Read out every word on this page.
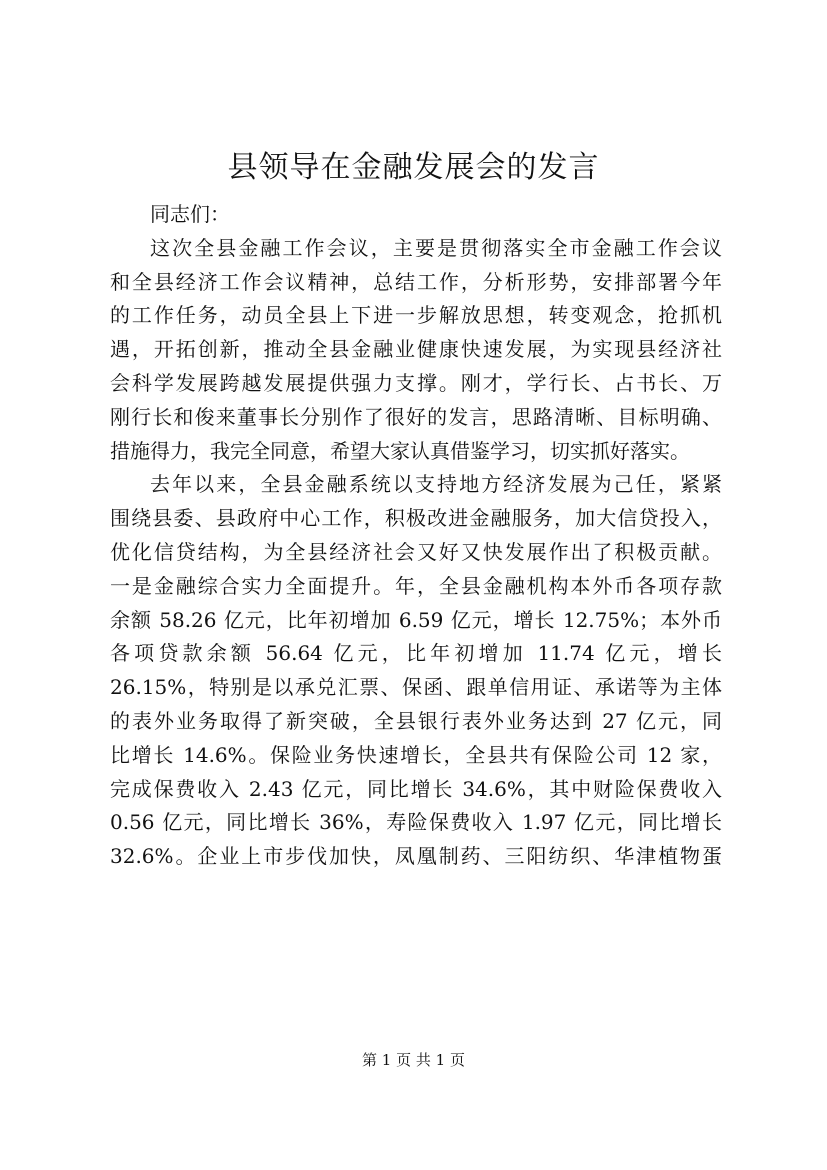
县领导在金融发展会的发言
同志们：
这次全县金融工作会议，主要是贯彻落实全市金融工作会议
和全县经济工作会议精神，总结工作，分析形势，安排部署今年
的工作任务，动员全县上下进一步解放思想，转变观念，抢抓机
遇，开拓创新，推动全县金融业健康快速发展，为实现县经济社
会科学发展跨越发展提供强力支撑。刚才，学行长、占书长、万
刚行长和俊来董事长分别作了很好的发言，思路清晰、目标明确、
措施得力，我完全同意，希望大家认真借鉴学习，切实抓好落实。
去年以来，全县金融系统以支持地方经济发展为己任，紧紧
围绕县委、县政府中心工作，积极改进金融服务，加大信贷投入，
优化信贷结构，为全县经济社会又好又快发展作出了积极贡献。
一是金融综合实力全面提升。年，全县金融机构本外币各项存款
余额 58.26 亿元，比年初增加 6.59 亿元，增长 12.75%；本外币
各项贷款余额 56.64 亿元，比年初增加 11.74 亿元，增长
26.15%，特别是以承兑汇票、保函、跟单信用证、承诺等为主体
的表外业务取得了新突破，全县银行表外业务达到 27 亿元，同
比增长 14.6%。保险业务快速增长，全县共有保险公司 12 家，
完成保费收入 2.43 亿元，同比增长 34.6%，其中财险保费收入
0.56 亿元，同比增长 36%，寿险保费收入 1.97 亿元，同比增长
32.6%。企业上市步伐加快，凤凰制药、三阳纺织、华津植物蛋
第 1 页 共 1 页
